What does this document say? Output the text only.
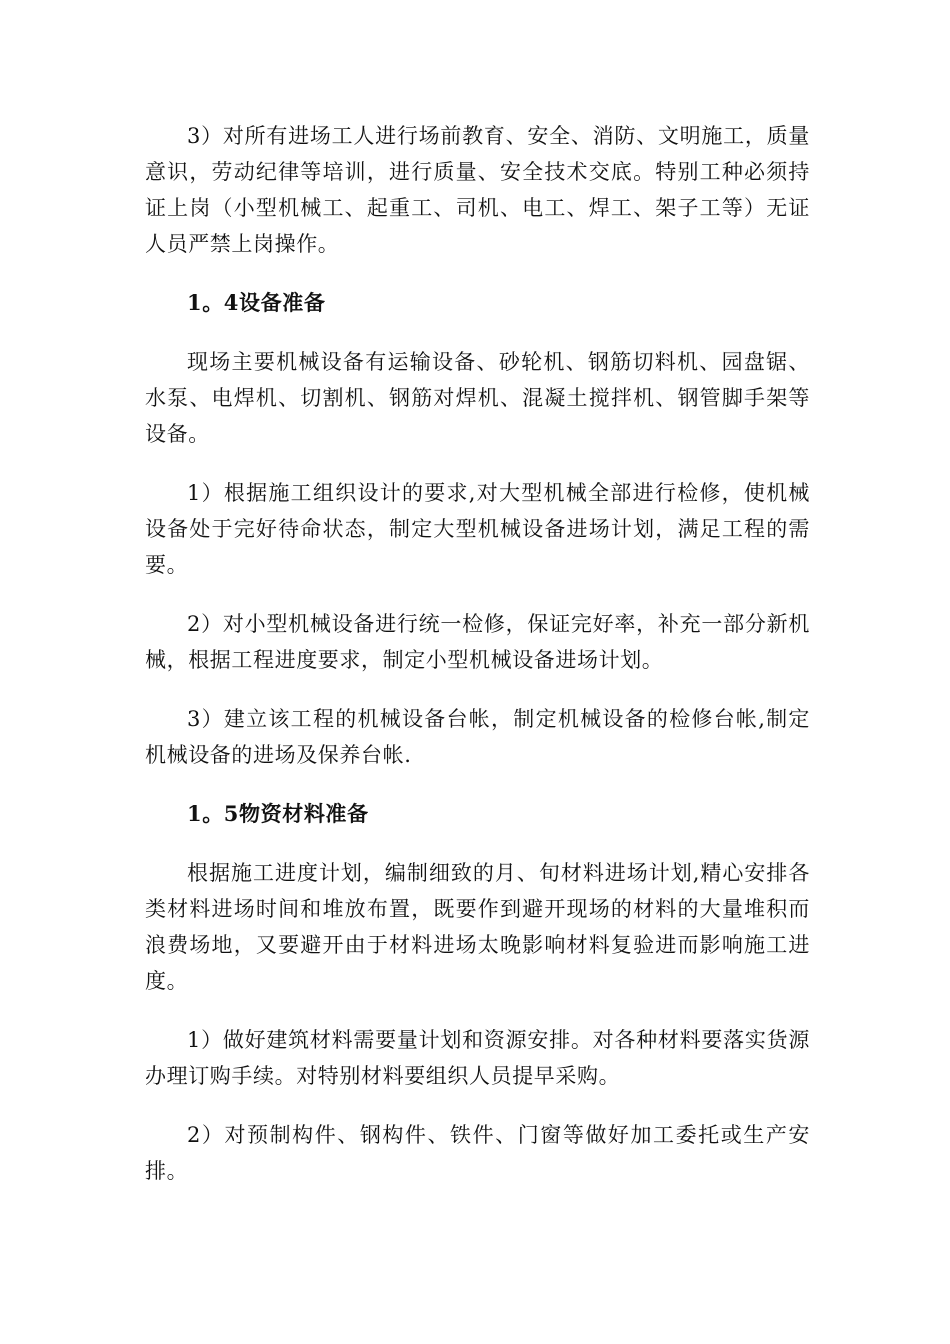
3）对所有进场工人进行场前教育、安全、消防、文明施工，质量意识，劳动纪律等培训，进行质量、安全技术交底。特别工种必须持证上岗（小型机械工、起重工、司机、电工、焊工、架子工等）无证人员严禁上岗操作。

1。4设备准备

现场主要机械设备有运输设备、砂轮机、钢筋切料机、园盘锯、水泵、电焊机、切割机、钢筋对焊机、混凝土搅拌机、钢管脚手架等设备。

1）根据施工组织设计的要求,对大型机械全部进行检修，使机械设备处于完好待命状态，制定大型机械设备进场计划，满足工程的需要。

2）对小型机械设备进行统一检修，保证完好率，补充一部分新机械，根据工程进度要求，制定小型机械设备进场计划。

3）建立该工程的机械设备台帐，制定机械设备的检修台帐,制定机械设备的进场及保养台帐.

1。5物资材料准备

根据施工进度计划，编制细致的月、旬材料进场计划,精心安排各类材料进场时间和堆放布置，既要作到避开现场的材料的大量堆积而浪费场地，又要避开由于材料进场太晚影响材料复验进而影响施工进度。

1）做好建筑材料需要量计划和资源安排。对各种材料要落实货源办理订购手续。对特别材料要组织人员提早采购。

2）对预制构件、钢构件、铁件、门窗等做好加工委托或生产安排。
